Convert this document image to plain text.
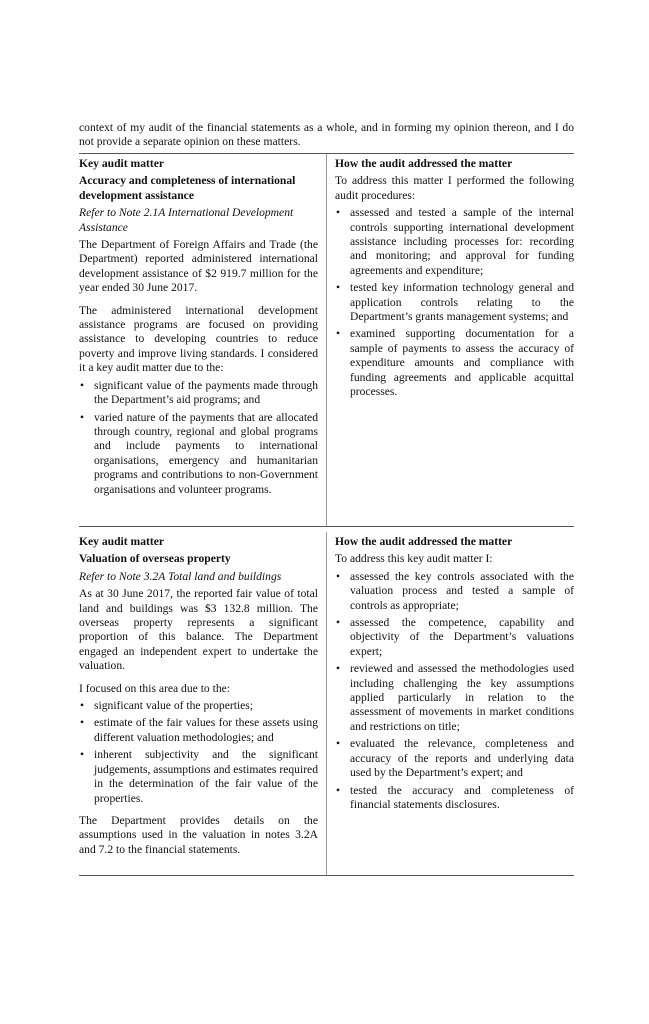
context of my audit of the financial statements as a whole, and in forming my opinion thereon, and I do not provide a separate opinion on these matters.
Key audit matter
Accuracy and completeness of international development assistance
Refer to Note 2.1A International Development Assistance

The Department of Foreign Affairs and Trade (the Department) reported administered international development assistance of $2 919.7 million for the year ended 30 June 2017.

The administered international development assistance programs are focused on providing assistance to developing countries to reduce poverty and improve living standards. I considered it a key audit matter due to the:

• significant value of the payments made through the Department’s aid programs; and
• varied nature of the payments that are allocated through country, regional and global programs and include payments to international organisations, emergency and humanitarian programs and contributions to non-Government organisations and volunteer programs.
How the audit addressed the matter

To address this matter I performed the following audit procedures:

• assessed and tested a sample of the internal controls supporting international development assistance including processes for: recording and monitoring; and approval for funding agreements and expenditure;
• tested key information technology general and application controls relating to the Department’s grants management systems; and
• examined supporting documentation for a sample of payments to assess the accuracy of expenditure amounts and compliance with funding agreements and applicable acquittal processes.
Key audit matter
Valuation of overseas property
Refer to Note 3.2A Total land and buildings

As at 30 June 2017, the reported fair value of total land and buildings was $3 132.8 million. The overseas property represents a significant proportion of this balance. The Department engaged an independent expert to undertake the valuation.

I focused on this area due to the:

• significant value of the properties;
• estimate of the fair values for these assets using different valuation methodologies; and
• inherent subjectivity and the significant judgements, assumptions and estimates required in the determination of the fair value of the properties.

The Department provides details on the assumptions used in the valuation in notes 3.2A and 7.2 to the financial statements.

How the audit addressed the matter

To address this key audit matter I:

• assessed the key controls associated with the valuation process and tested a sample of controls as appropriate;
• assessed the competence, capability and objectivity of the Department’s valuations expert;
• reviewed and assessed the methodologies used including challenging the key assumptions applied particularly in relation to the assessment of movements in market conditions and restrictions on title;
• evaluated the relevance, completeness and accuracy of the reports and underlying data used by the Department’s expert; and
• tested the accuracy and completeness of financial statements disclosures.
